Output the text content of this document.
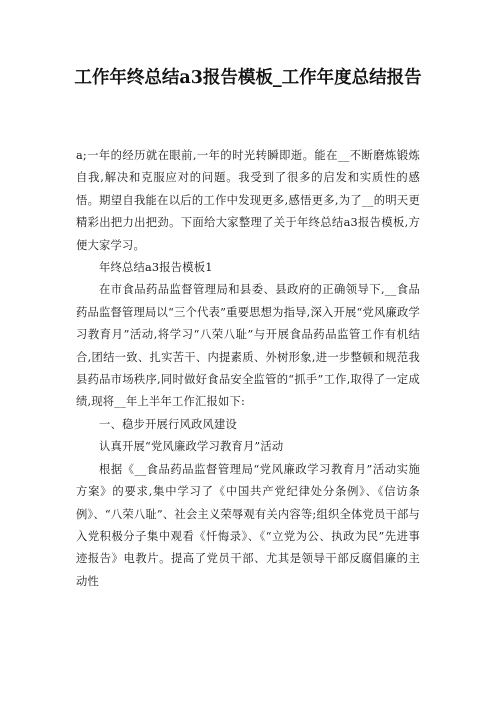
工作年终总结a3报告模板_工作年度总结报告

a;一年的经历就在眼前,一年的时光转瞬即逝。能在__不断磨炼锻炼自我,解决和克服应对的问题。我受到了很多的启发和实质性的感悟。期望自我能在以后的工作中发现更多,感悟更多,为了__的明天更精彩出把力出把劲。下面给大家整理了关于年终总结a3报告模板,方便大家学习。

年终总结a3报告模板1

在市食品药品监督管理局和县委、县政府的正确领导下,__食品药品监督管理局以“三个代表”重要思想为指导,深入开展“党风廉政学习教育月”活动,将学习“八荣八耻”与开展食品药品监管工作有机结合,团结一致、扎实苦干、内提素质、外树形象,进一步整顿和规范我县药品市场秩序,同时做好食品安全监管的“抓手”工作,取得了一定成绩,现将__年上半年工作汇报如下:

一、稳步开展行风政风建设

认真开展“党风廉政学习教育月”活动

根据《__食品药品监督管理局“党风廉政学习教育月”活动实施方案》的要求,集中学习了《中国共产党纪律处分条例》、《信访条例》、“八荣八耻”、社会主义荣辱观有关内容等;组织全体党员干部与入党积极分子集中观看《忏悔录》、《“立党为公、执政为民”先进事迹报告》电教片。提高了党员干部、尤其是领导干部反腐倡廉的主动性
